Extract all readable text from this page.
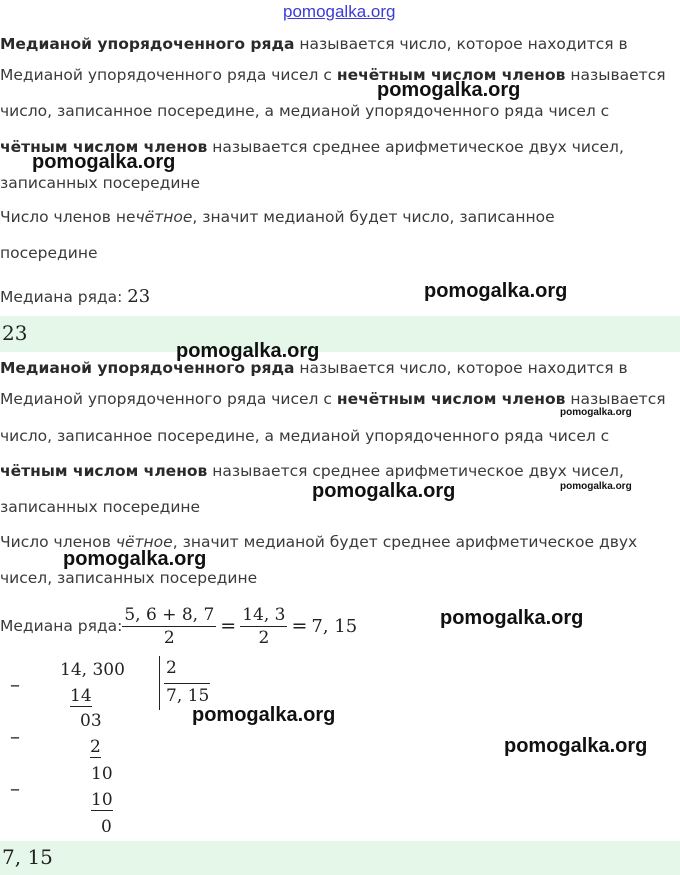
pomogalka.org
Медианой упорядоченного ряда называется число, которое находится в
Медианой упорядоченного ряда чисел с нечётным числом членов называется
число, записанное посередине, а медианой упорядоченного ряда чисел с
чётным числом членов называется среднее арифметическое двух чисел,
записанных посередине
Число членов нечётное, значит медианой будет число, записанное
посередине
Медиана ряда: 23
23
Медианой упорядоченного ряда называется число, которое находится в
Медианой упорядоченного ряда чисел с нечётным числом членов называется
число, записанное посередине, а медианой упорядоченного ряда чисел с
чётным числом членов называется среднее арифметическое двух чисел,
записанных посередине
Число членов чётное, значит медианой будет среднее арифметическое двух
чисел, записанных посередине
Медиана ряда: $\frac{5, 6 + 8, 7}{2} = \frac{14, 3}{2} = 7$, 15
–
14, 300 2
7, 15
14
–
03
2
–
10
10
0
7, 15
pomogalka.org
pomogalka.org
pomogalka.org
pomogalka.org
pomogalka.org
pomogalka.org	pomogalka.org
pomogalka.org
pomogalka.org
pomogalka.org
pomogalka.org
